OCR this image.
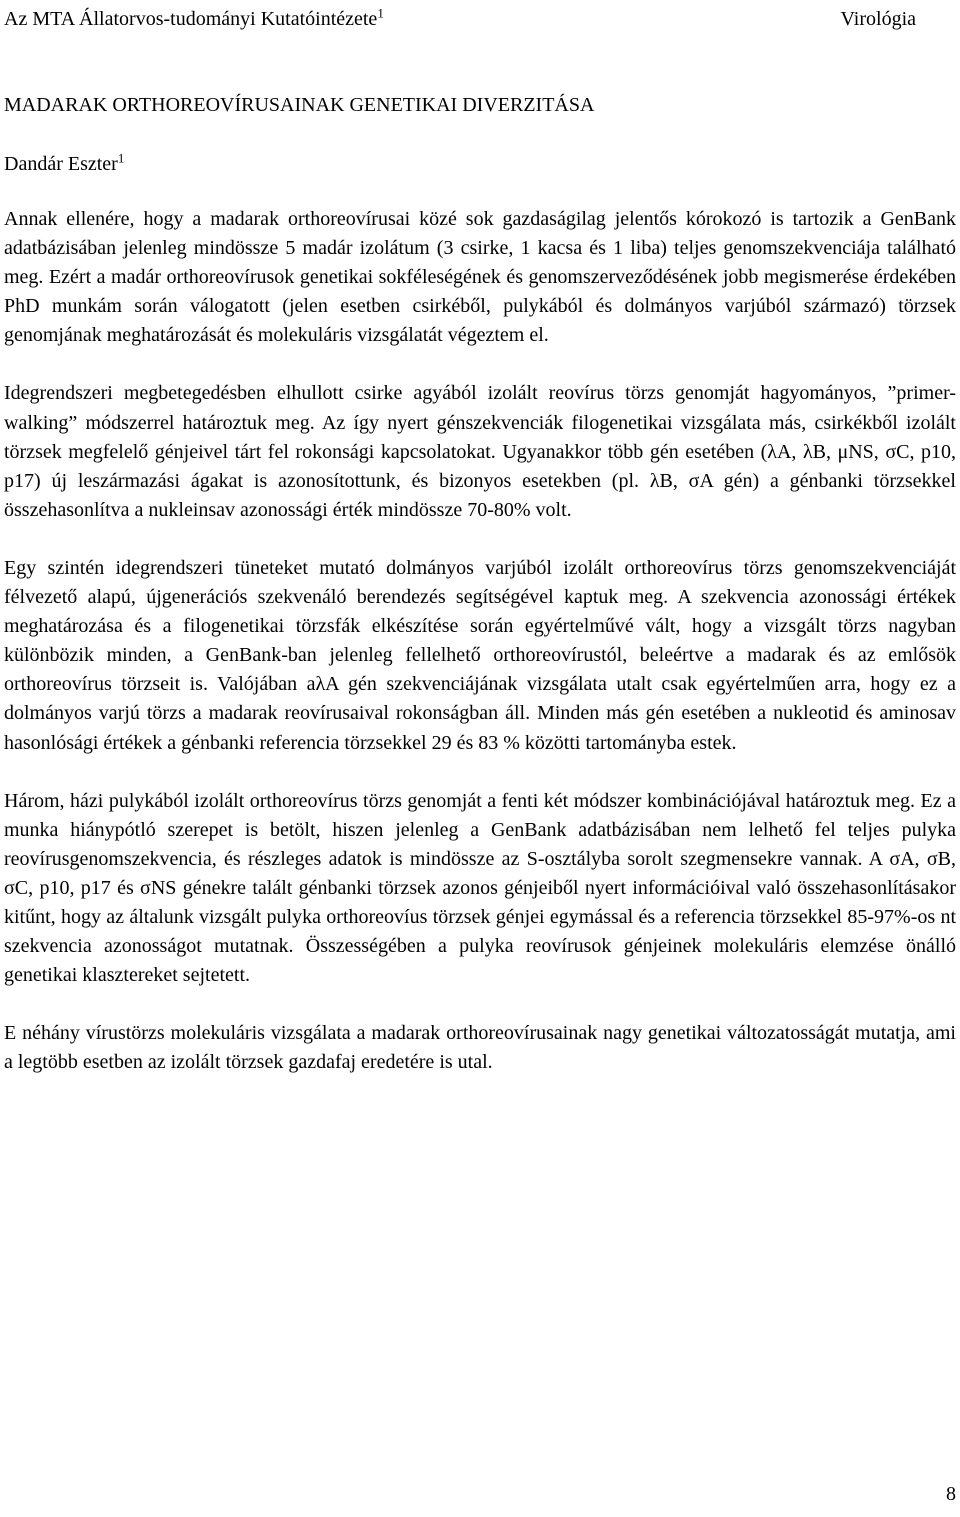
Az MTA Állatorvos-tudományi Kutatóintézete$^1$	Virológia
MADARAK ORTHOREOVÍRUSAINAK GENETIKAI DIVERZITÁSA
Dandár Eszter$^1$

Annak ellenére, hogy a madarak orthoreovírusai közé sok gazdaságilag jelentős kórokozó is tartozik a GenBank adatbázisában jelenleg mindössze 5 madár izolátum (3 csirke, 1 kacsa és 1 liba) teljes genomszekvenciája található meg. Ezért a madár orthoreovírusok genetikai sokféleségének és genomszerveződésének jobb megismerése érdekében PhD munkám során válogatott (jelen esetben csirkéből, pulykából és dolmányos varjúból származó) törzsek genomjának meghatározását és molekuláris vizsgálatát végeztem el.

Idegrendszeri megbetegedésben elhullott csirke agyából izolált reovírus törzs genomját hagyományos, ”primer-walking” módszerrel határoztuk meg. Az így nyert génszekvenciák filogenetikai vizsgálata más, csirkékből izolált törzsek megfelelő génjeivel tárt fel rokonsági kapcsolatokat. Ugyanakkor több gén esetében (λA, λB, μNS, σC, p10, p17) új leszármazási ágakat is azonosítottunk, és bizonyos esetekben (pl. λB, σA gén) a génbanki törzsekkel összehasonlítva a nukleinsav azonossági érték mindössze 70-80% volt.

Egy szintén idegrendszeri tüneteket mutató dolmányos varjúból izolált orthoreovírus törzs genomszekvenciáját félvezető alapú, újgenerációs szekvenáló berendezés segítségével kaptuk meg. A szekvencia azonossági értékek meghatározása és a filogenetikai törzsfák elkészítése során egyértelművé vált, hogy a vizsgált törzs nagyban különbözik minden, a GenBank-ban jelenleg fellelhető orthoreovírustól, beleértve a madarak és az emlősök orthoreovírus törzseit is. Valójában aλA gén szekvenciájának vizsgálata utalt csak egyértelműen arra, hogy ez a dolmányos varjú törzs a madarak reovírusaival rokonságban áll. Minden más gén esetében a nukleotid és aminosav hasonlósági értékek a génbanki referencia törzsekkel 29 és 83 % közötti tartományba estek.

Három, házi pulykából izolált orthoreovírus törzs genomját a fenti két módszer kombinációjával határoztuk meg. Ez a munka hiánypótló szerepet is betölt, hiszen jelenleg a GenBank adatbázisában nem lelhető fel teljes pulyka reovírusgenomszekvencia, és részleges adatok is mindössze az S-osztályba sorolt szegmensekre vannak. A σA, σB, σC, p10, p17 és σNS génekre talált génbanki törzsek azonos génjeiből nyert információival való összehasonlításakor kitűnt, hogy az általunk vizsgált pulyka orthoreovíus törzsek génjei egymással és a referencia törzsekkel 85-97%-os nt szekvencia azonosságot mutatnak. Összességében a pulyka reovírusok génjeinek molekuláris elemzése önálló genetikai klasztereket sejtetett.

E néhány vírustörzs molekuláris vizsgálata a madarak orthoreovírusainak nagy genetikai változatosságát mutatja, ami a legtöbb esetben az izolált törzsek gazdafaj eredetére is utal.

8
